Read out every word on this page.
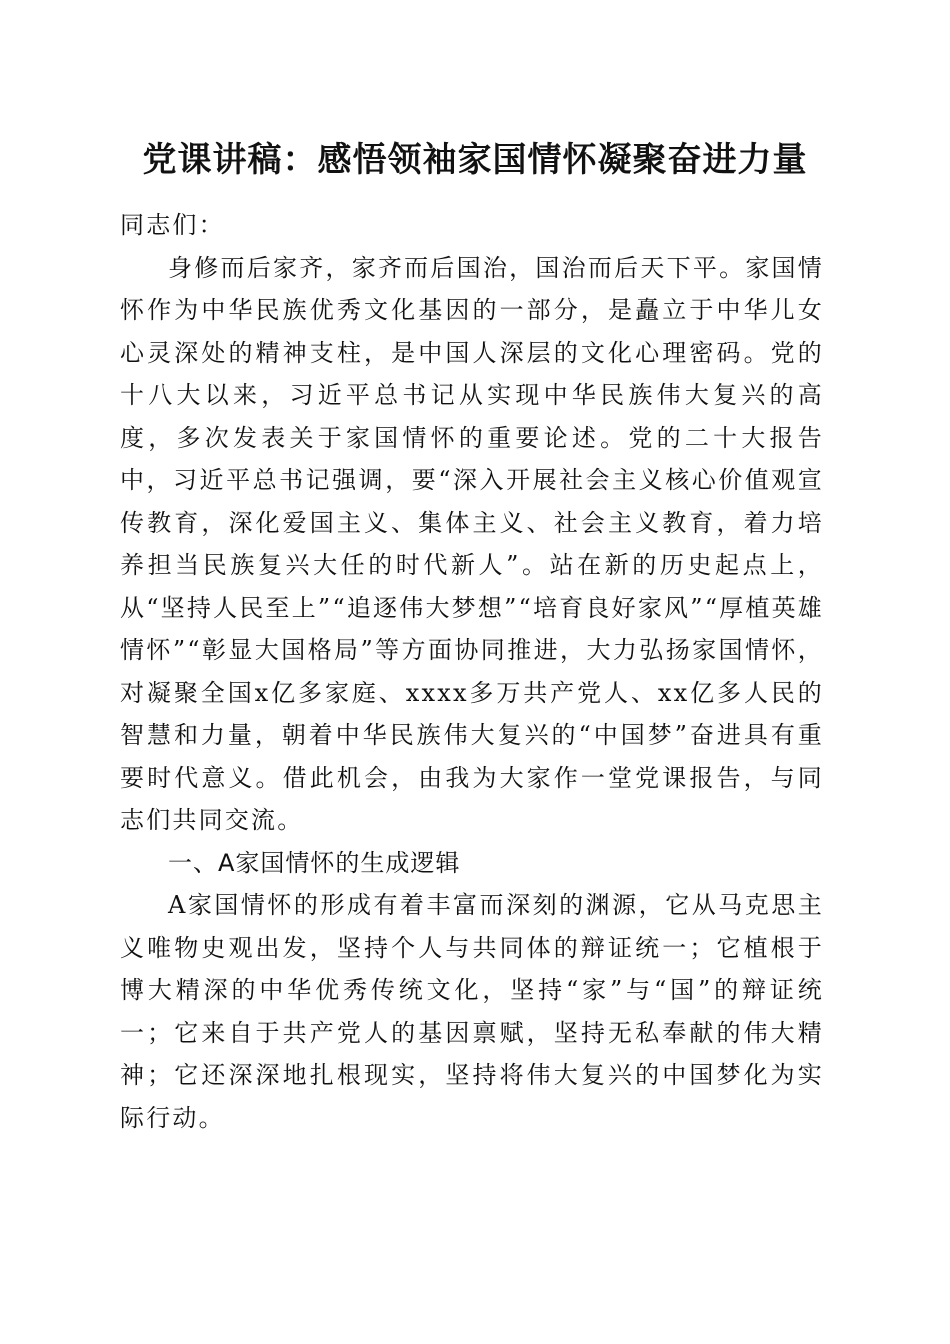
党课讲稿：感悟领袖家国情怀凝聚奋进力量

同志们：

身修而后家齐，家齐而后国治，国治而后天下平。家国情怀作为中华民族优秀文化基因的一部分，是矗立于中华儿女心灵深处的精神支柱，是中国人深层的文化心理密码。党的十八大以来，习近平总书记从实现中华民族伟大复兴的高度，多次发表关于家国情怀的重要论述。党的二十大报告中，习近平总书记强调，要“深入开展社会主义核心价值观宣传教育，深化爱国主义、集体主义、社会主义教育，着力培养担当民族复兴大任的时代新人”。站在新的历史起点上，从“坚持人民至上”“追逐伟大梦想”“培育良好家风”“厚植英雄情怀”“彰显大国格局”等方面协同推进，大力弘扬家国情怀，对凝聚全国x亿多家庭、xxxx多万共产党人、xx亿多人民的智慧和力量，朝着中华民族伟大复兴的“中国梦”奋进具有重要时代意义。借此机会，由我为大家作一堂党课报告，与同志们共同交流。

一、A家国情怀的生成逻辑

A家国情怀的形成有着丰富而深刻的渊源，它从马克思主义唯物史观出发，坚持个人与共同体的辩证统一；它植根于博大精深的中华优秀传统文化，坚持“家”与“国”的辩证统一；它来自于共产党人的基因禀赋，坚持无私奉献的伟大精神；它还深深地扎根现实，坚持将伟大复兴的中国梦化为实际行动。
